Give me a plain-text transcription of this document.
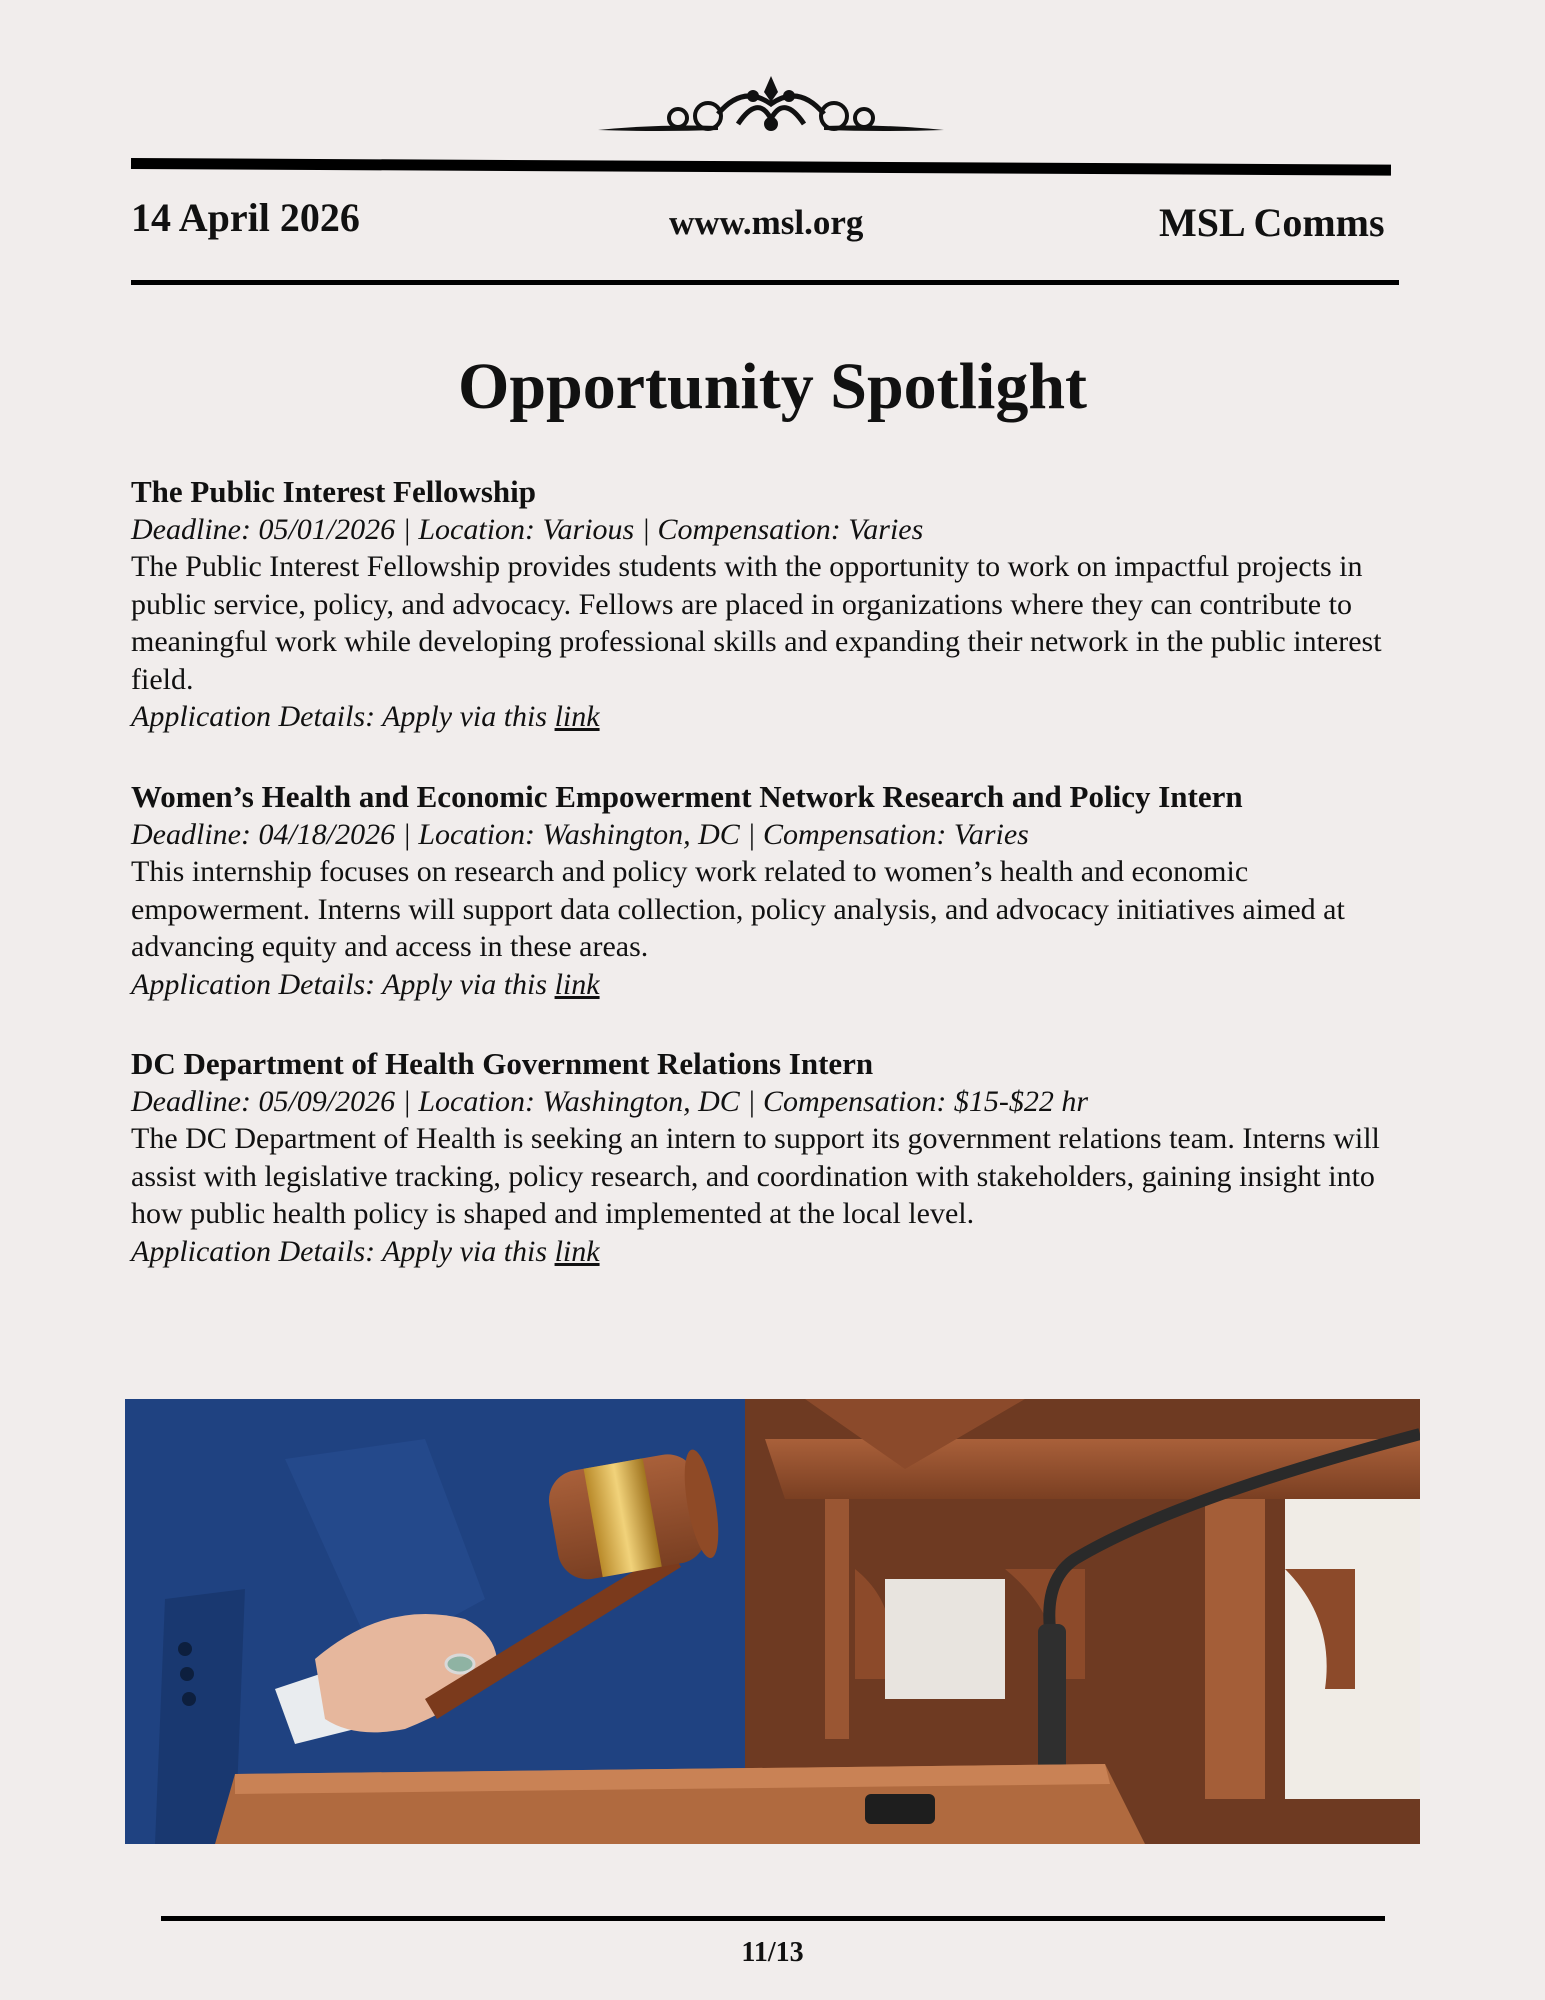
14 April 2026	www.msl.org	MSL Comms
Opportunity Spotlight
The Public Interest Fellowship
Deadline: 05/01/2026 | Location: Various | Compensation: Varies

The Public Interest Fellowship provides students with the opportunity to work on impactful projects in public service, policy, and advocacy. Fellows are placed in organizations where they can contribute to meaningful work while developing professional skills and expanding their network in the public interest field.

Application Details: Apply via this link
Women’s Health and Economic Empowerment Network Research and Policy Intern
Deadline: 04/18/2026 | Location: Washington, DC | Compensation: Varies

This internship focuses on research and policy work related to women’s health and economic empowerment. Interns will support data collection, policy analysis, and advocacy initiatives aimed at advancing equity and access in these areas.

Application Details: Apply via this link
DC Department of Health Government Relations Intern
Deadline: 05/09/2026 | Location: Washington, DC | Compensation: $15-$22 hr

The DC Department of Health is seeking an intern to support its government relations team. Interns will assist with legislative tracking, policy research, and coordination with stakeholders, gaining insight into how public health policy is shaped and implemented at the local level.

Application Details: Apply via this link
11/13
